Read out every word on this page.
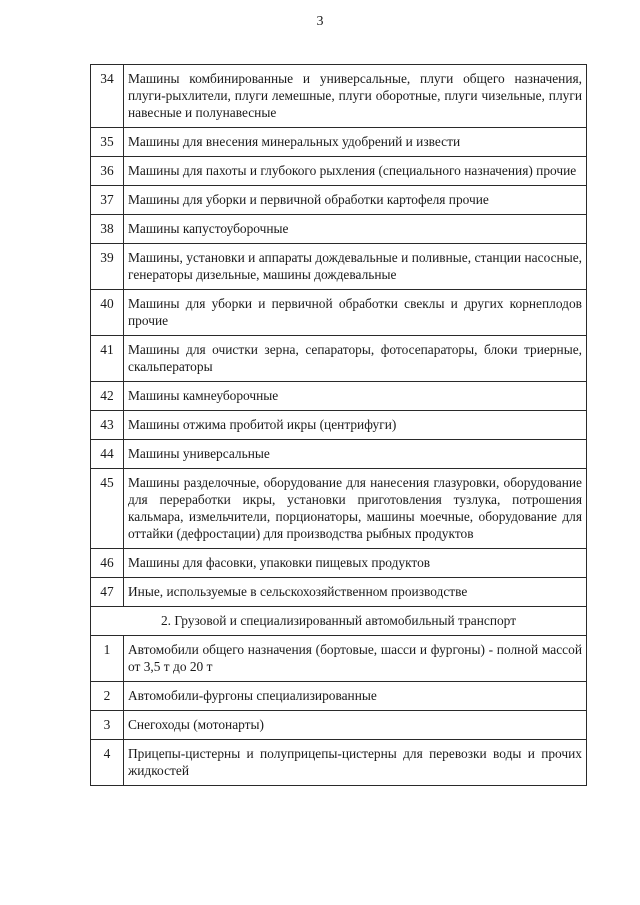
3
34	Машины комбинированные и универсальные, плуги общего назначения, плуги-рыхлители, плуги лемешные, плуги оборотные, плуги чизельные, плуги навесные и полунавесные
35	Машины для внесения минеральных удобрений и извести
36	Машины для пахоты и глубокого рыхления (специального назначения) прочие
37	Машины для уборки и первичной обработки картофеля прочие
38	Машины капустоуборочные
39	Машины, установки и аппараты дождевальные и поливные, станции насосные, генераторы дизельные, машины дождевальные
40	Машины для уборки и первичной обработки свеклы и других корнеплодов прочие
41	Машины для очистки зерна, сепараторы, фотосепараторы, блоки триерные, скальператоры
42	Машины камнеуборочные
43	Машины отжима пробитой икры (центрифуги)
44	Машины универсальные
45	Машины разделочные, оборудование для нанесения глазуровки, оборудование для переработки икры, установки приготовления тузлука, потрошения кальмара, измельчители, порционаторы, машины моечные, оборудование для оттайки (дефростации) для производства рыбных продуктов
46	Машины для фасовки, упаковки пищевых продуктов
47	Иные, используемые в сельскохозяйственном производстве
2. Грузовой и специализированный автомобильный транспорт	
1	Автомобили общего назначения (бортовые, шасси и фургоны) - полной массой от 3,5 т до 20 т
2	Автомобили-фургоны специализированные
3	Снегоходы (мотонарты)
4	Прицепы-цистерны и полуприцепы-цистерны для перевозки воды и прочих жидкостей
